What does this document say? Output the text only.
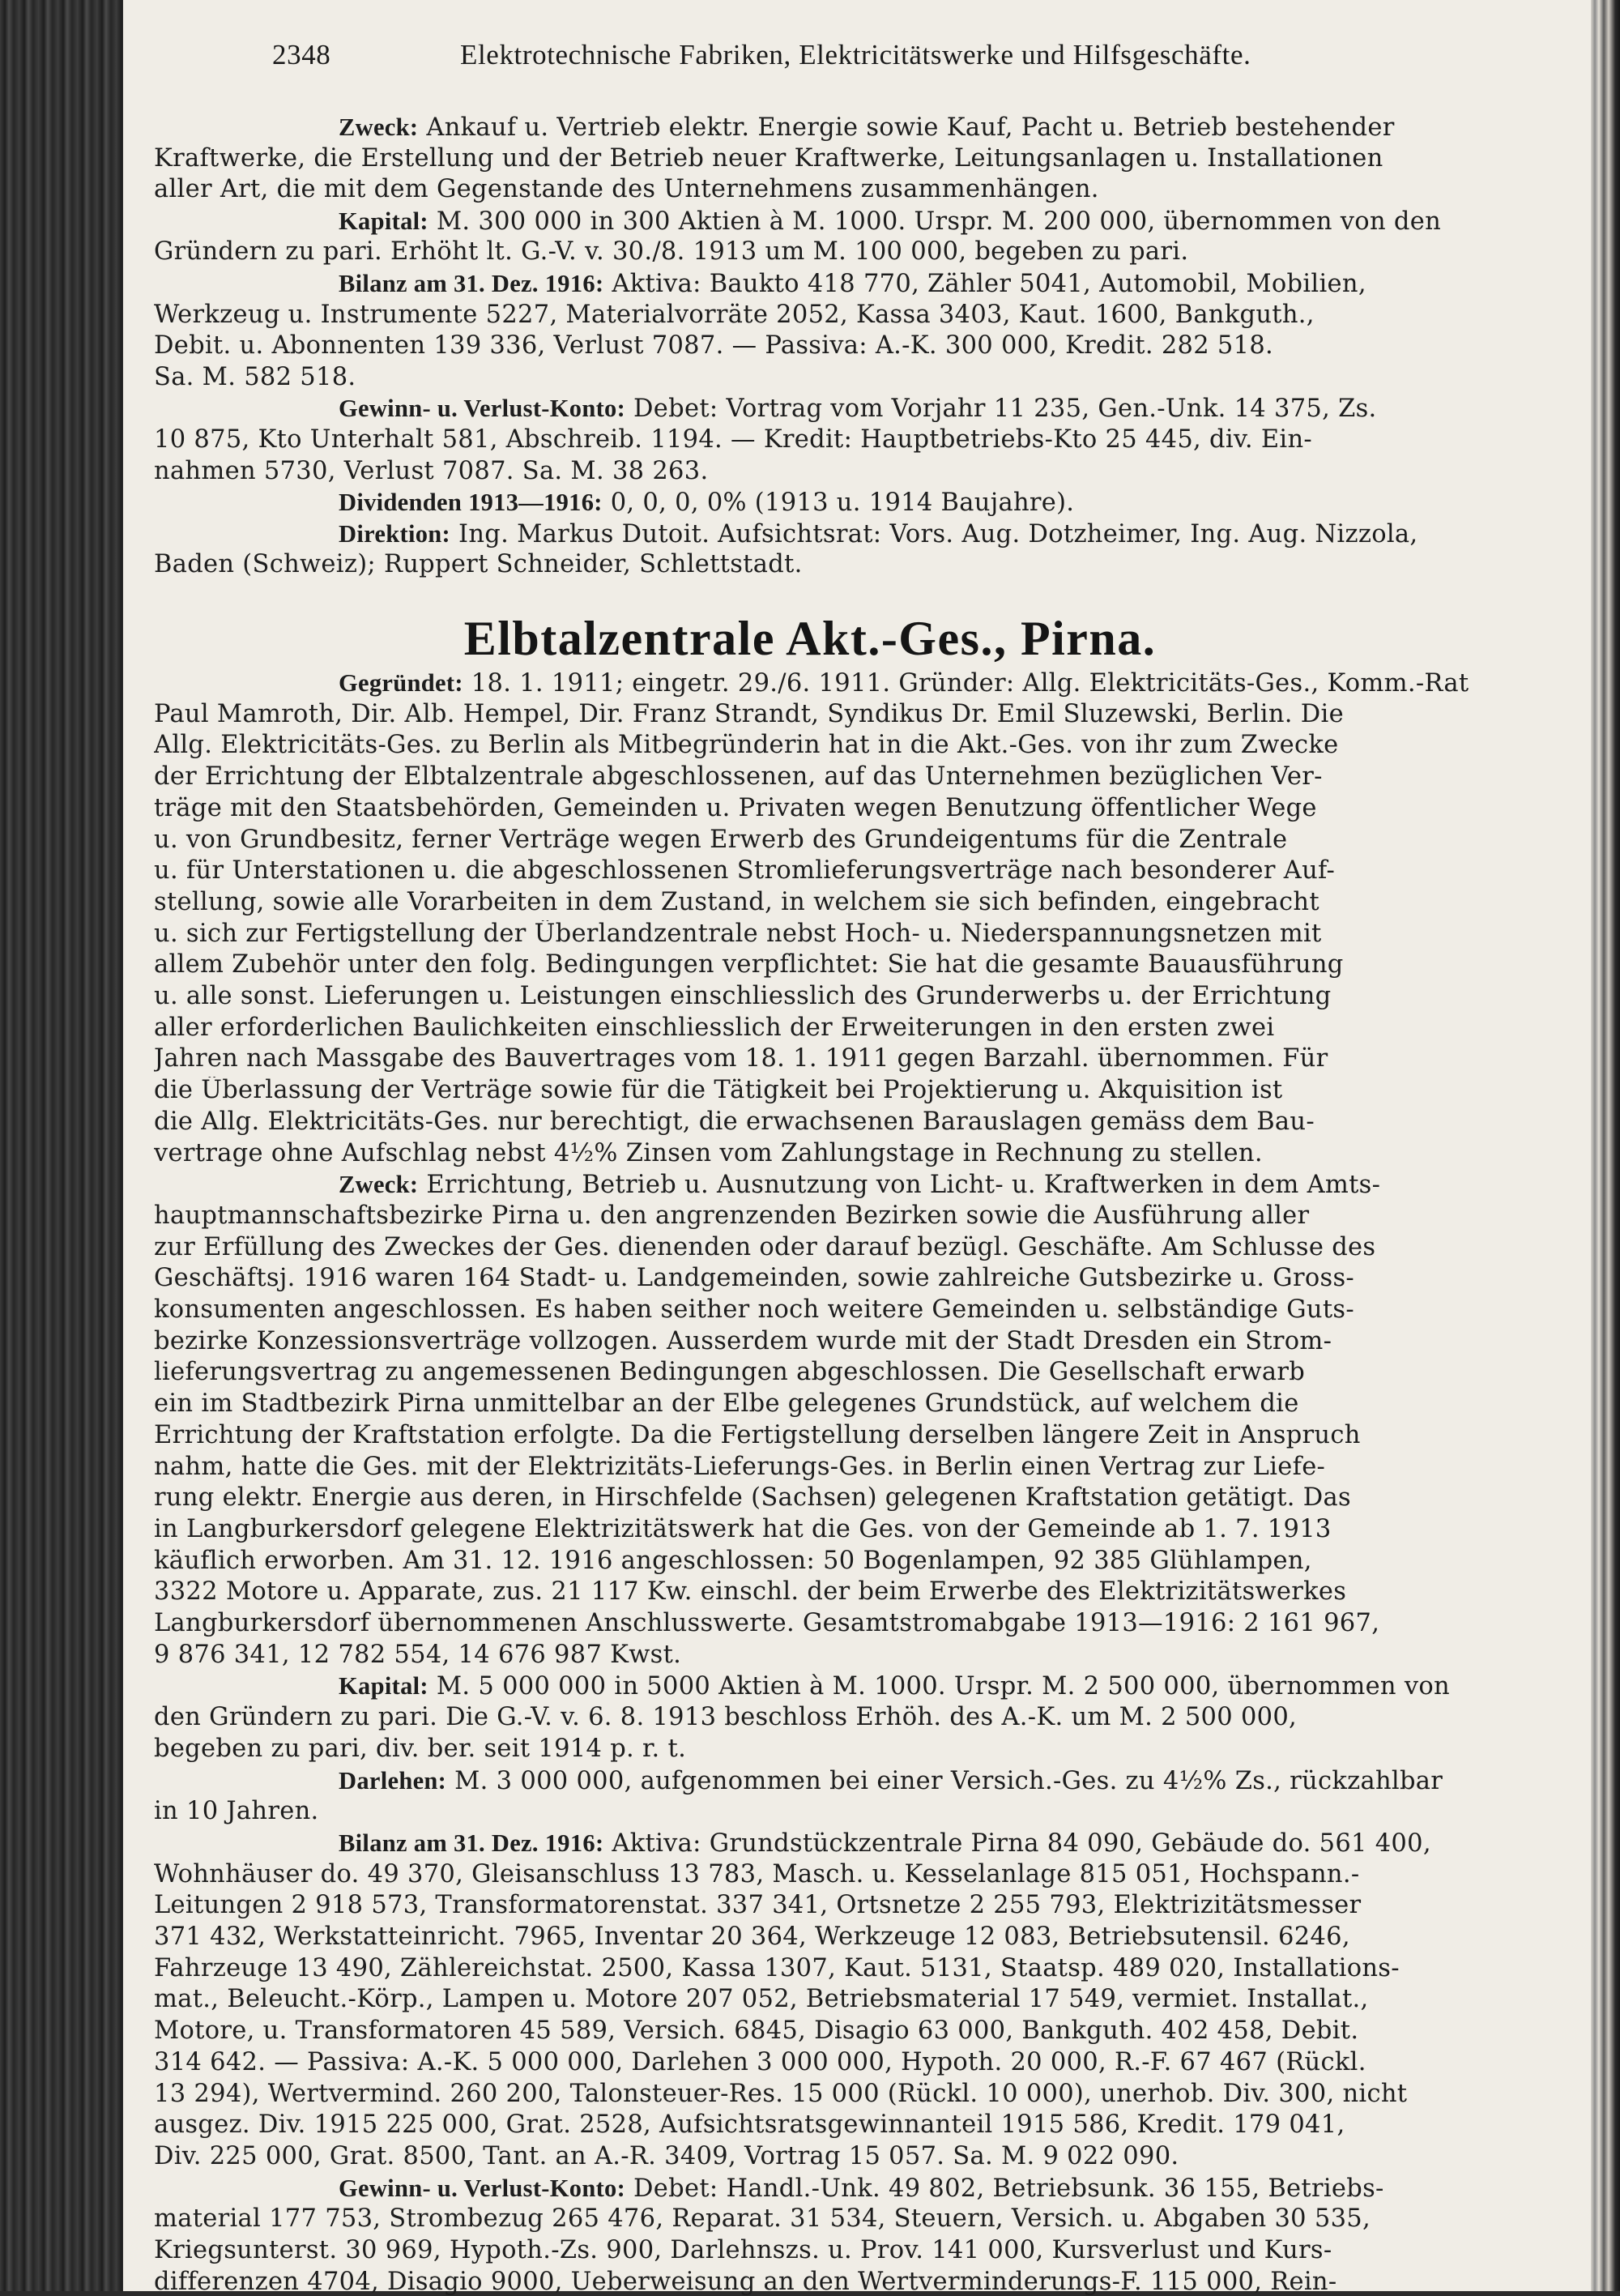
2348	Elektrotechnische Fabriken, Elektricitätswerke und Hilfsgeschäfte.
Zweck: Ankauf u. Vertrieb elektr. Energie sowie Kauf, Pacht u. Betrieb bestehender
Kraftwerke, die Erstellung und der Betrieb neuer Kraftwerke, Leitungsanlagen u. Installationen
aller Art, die mit dem Gegenstande des Unternehmens zusammenhängen.
Kapital: M. 300 000 in 300 Aktien à M. 1000. Urspr. M. 200 000, übernommen von den
Gründern zu pari. Erhöht lt. G.-V. v. 30./8. 1913 um M. 100 000, begeben zu pari.
Bilanz am 31. Dez. 1916: Aktiva: Baukto 418 770, Zähler 5041, Automobil, Mobilien,
Werkzeug u. Instrumente 5227, Materialvorräte 2052, Kassa 3403, Kaut. 1600, Bankguth.,
Debit. u. Abonnenten 139 336, Verlust 7087. — Passiva: A.-K. 300 000, Kredit. 282 518.
Sa. M. 582 518.
Gewinn- u. Verlust-Konto: Debet: Vortrag vom Vorjahr 11 235, Gen.-Unk. 14 375, Zs.
10 875, Kto Unterhalt 581, Abschreib. 1194. — Kredit: Hauptbetriebs-Kto 25 445, div. Ein-
nahmen 5730, Verlust 7087. Sa. M. 38 263.
Dividenden 1913—1916: 0, 0, 0, 0% (1913 u. 1914 Baujahre).
Direktion: Ing. Markus Dutoit. Aufsichtsrat: Vors. Aug. Dotzheimer, Ing. Aug. Nizzola,
Baden (Schweiz); Ruppert Schneider, Schlettstadt.
Elbtalzentrale Akt.-Ges., Pirna.
Gegründet: 18. 1. 1911; eingetr. 29./6. 1911. Gründer: Allg. Elektricitäts-Ges., Komm.-Rat
Paul Mamroth, Dir. Alb. Hempel, Dir. Franz Strandt, Syndikus Dr. Emil Sluzewski, Berlin. Die
Allg. Elektricitäts-Ges. zu Berlin als Mitbegründerin hat in die Akt.-Ges. von ihr zum Zwecke
der Errichtung der Elbtalzentrale abgeschlossenen, auf das Unternehmen bezüglichen Ver-
träge mit den Staatsbehörden, Gemeinden u. Privaten wegen Benutzung öffentlicher Wege
u. von Grundbesitz, ferner Verträge wegen Erwerb des Grundeigentums für die Zentrale
u. für Unterstationen u. die abgeschlossenen Stromlieferungsverträge nach besonderer Auf-
stellung, sowie alle Vorarbeiten in dem Zustand, in welchem sie sich befinden, eingebracht
u. sich zur Fertigstellung der Überlandzentrale nebst Hoch- u. Niederspannungsnetzen mit
allem Zubehör unter den folg. Bedingungen verpflichtet: Sie hat die gesamte Bauausführung
u. alle sonst. Lieferungen u. Leistungen einschliesslich des Grunderwerbs u. der Errichtung
aller erforderlichen Baulichkeiten einschliesslich der Erweiterungen in den ersten zwei
Jahren nach Massgabe des Bauvertrages vom 18. 1. 1911 gegen Barzahl. übernommen. Für
die Überlassung der Verträge sowie für die Tätigkeit bei Projektierung u. Akquisition ist
die Allg. Elektricitäts-Ges. nur berechtigt, die erwachsenen Barauslagen gemäss dem Bau-
vertrage ohne Aufschlag nebst 4½% Zinsen vom Zahlungstage in Rechnung zu stellen.
Zweck: Errichtung, Betrieb u. Ausnutzung von Licht- u. Kraftwerken in dem Amts-
hauptmannschaftsbezirke Pirna u. den angrenzenden Bezirken sowie die Ausführung aller
zur Erfüllung des Zweckes der Ges. dienenden oder darauf bezügl. Geschäfte. Am Schlusse des
Geschäftsj. 1916 waren 164 Stadt- u. Landgemeinden, sowie zahlreiche Gutsbezirke u. Gross-
konsumenten angeschlossen. Es haben seither noch weitere Gemeinden u. selbständige Guts-
bezirke Konzessionsverträge vollzogen. Ausserdem wurde mit der Stadt Dresden ein Strom-
lieferungsvertrag zu angemessenen Bedingungen abgeschlossen. Die Gesellschaft erwarb
ein im Stadtbezirk Pirna unmittelbar an der Elbe gelegenes Grundstück, auf welchem die
Errichtung der Kraftstation erfolgte. Da die Fertigstellung derselben längere Zeit in Anspruch
nahm, hatte die Ges. mit der Elektrizitäts-Lieferungs-Ges. in Berlin einen Vertrag zur Liefe-
rung elektr. Energie aus deren, in Hirschfelde (Sachsen) gelegenen Kraftstation getätigt. Das
in Langburkersdorf gelegene Elektrizitätswerk hat die Ges. von der Gemeinde ab 1. 7. 1913
käuflich erworben. Am 31. 12. 1916 angeschlossen: 50 Bogenlampen, 92 385 Glühlampen,
3322 Motore u. Apparate, zus. 21 117 Kw. einschl. der beim Erwerbe des Elektrizitätswerkes
Langburkersdorf übernommenen Anschlusswerte. Gesamtstromabgabe 1913—1916: 2 161 967,
9 876 341, 12 782 554, 14 676 987 Kwst.
Kapital: M. 5 000 000 in 5000 Aktien à M. 1000. Urspr. M. 2 500 000, übernommen von
den Gründern zu pari. Die G.-V. v. 6. 8. 1913 beschloss Erhöh. des A.-K. um M. 2 500 000,
begeben zu pari, div. ber. seit 1914 p. r. t.
Darlehen: M. 3 000 000, aufgenommen bei einer Versich.-Ges. zu 4½% Zs., rückzahlbar
in 10 Jahren.
Bilanz am 31. Dez. 1916: Aktiva: Grundstückzentrale Pirna 84 090, Gebäude do. 561 400,
Wohnhäuser do. 49 370, Gleisanschluss 13 783, Masch. u. Kesselanlage 815 051, Hochspann.-
Leitungen 2 918 573, Transformatorenstat. 337 341, Ortsnetze 2 255 793, Elektrizitätsmesser
371 432, Werkstatteinricht. 7965, Inventar 20 364, Werkzeuge 12 083, Betriebsutensil. 6246,
Fahrzeuge 13 490, Zählereichstat. 2500, Kassa 1307, Kaut. 5131, Staatsp. 489 020, Installations-
mat., Beleucht.-Körp., Lampen u. Motore 207 052, Betriebsmaterial 17 549, vermiet. Installat.,
Motore, u. Transformatoren 45 589, Versich. 6845, Disagio 63 000, Bankguth. 402 458, Debit.
314 642. — Passiva: A.-K. 5 000 000, Darlehen 3 000 000, Hypoth. 20 000, R.-F. 67 467 (Rückl.
13 294), Wertvermind. 260 200, Talonsteuer-Res. 15 000 (Rückl. 10 000), unerhob. Div. 300, nicht
ausgez. Div. 1915 225 000, Grat. 2528, Aufsichtsratsgewinnanteil 1915 586, Kredit. 179 041,
Div. 225 000, Grat. 8500, Tant. an A.-R. 3409, Vortrag 15 057. Sa. M. 9 022 090.
Gewinn- u. Verlust-Konto: Debet: Handl.-Unk. 49 802, Betriebsunk. 36 155, Betriebs-
material 177 753, Strombezug 265 476, Reparat. 31 534, Steuern, Versich. u. Abgaben 30 535,
Kriegsunterst. 30 969, Hypoth.-Zs. 900, Darlehnszs. u. Prov. 141 000, Kursverlust und Kurs-
differenzen 4704, Disagio 9000, Ueberweisung an den Wertverminderungs-F. 115 000, Rein-
